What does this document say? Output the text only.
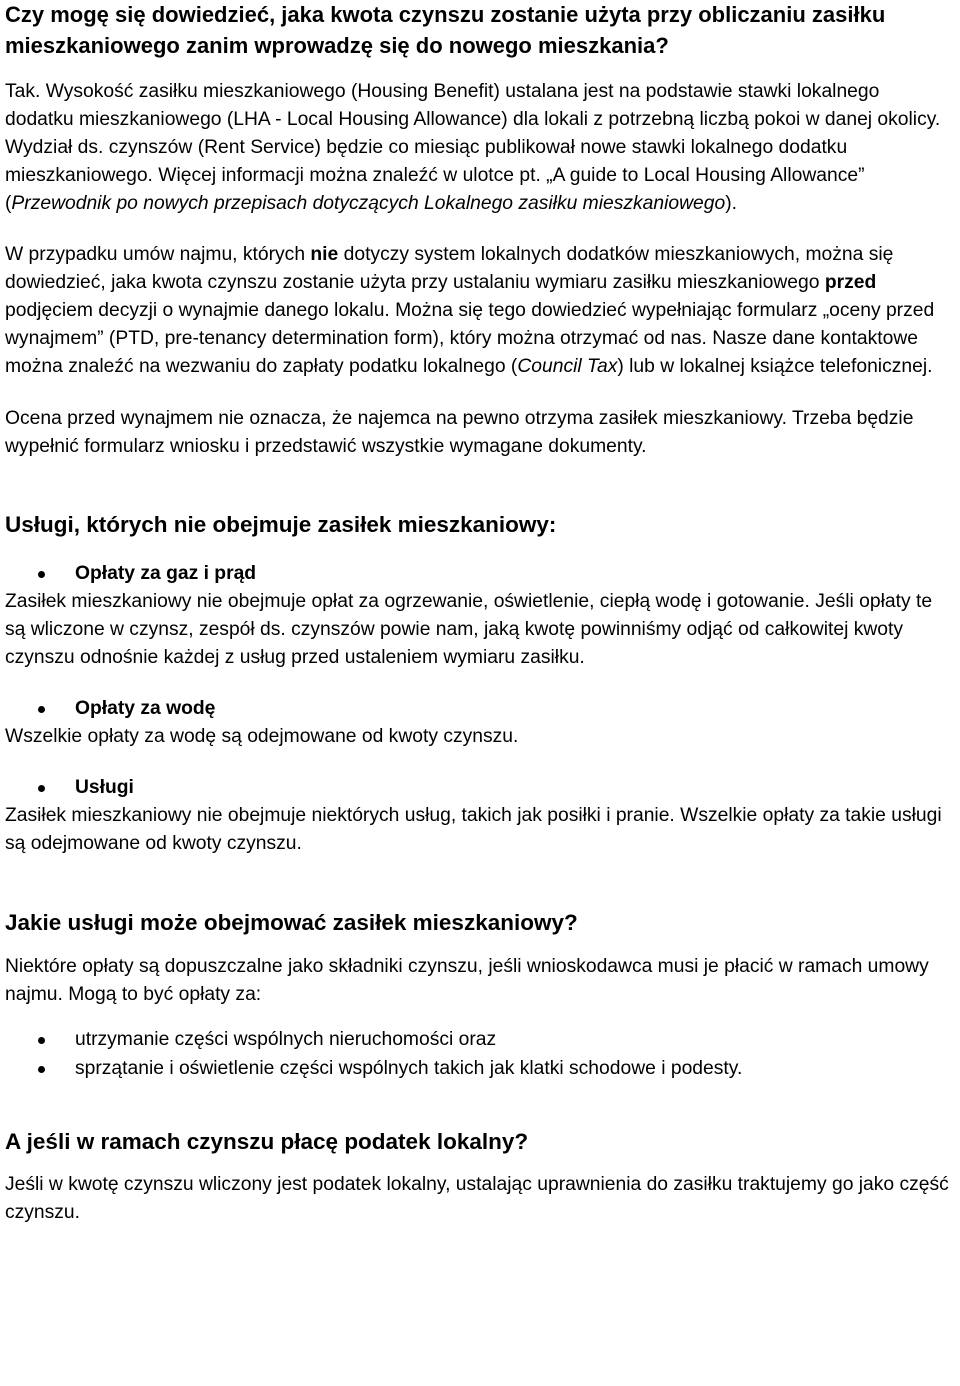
Czy mogę się dowiedzieć, jaka kwota czynszu zostanie użyta przy obliczaniu zasiłku mieszkaniowego zanim wprowadzę się do nowego mieszkania?

Tak. Wysokość zasiłku mieszkaniowego (Housing Benefit) ustalana jest na podstawie stawki lokalnego dodatku mieszkaniowego (LHA - Local Housing Allowance) dla lokali z potrzebną liczbą pokoi w danej okolicy. Wydział ds. czynszów (Rent Service) będzie co miesiąc publikował nowe stawki lokalnego dodatku mieszkaniowego. Więcej informacji można znaleźć w ulotce pt. „A guide to Local Housing Allowance” (Przewodnik po nowych przepisach dotyczących Lokalnego zasiłku mieszkaniowego).

W przypadku umów najmu, których nie dotyczy system lokalnych dodatków mieszkaniowych, można się dowiedzieć, jaka kwota czynszu zostanie użyta przy ustalaniu wymiaru zasiłku mieszkaniowego przed podjęciem decyzji o wynajmie danego lokalu. Można się tego dowiedzieć wypełniając formularz „oceny przed wynajmem” (PTD, pre-tenancy determination form), który można otrzymać od nas. Nasze dane kontaktowe można znaleźć na wezwaniu do zapłaty podatku lokalnego (Council Tax) lub w lokalnej książce telefonicznej.

Ocena przed wynajmem nie oznacza, że najemca na pewno otrzyma zasiłek mieszkaniowy. Trzeba będzie wypełnić formularz wniosku i przedstawić wszystkie wymagane dokumenty.

Usługi, których nie obejmuje zasiłek mieszkaniowy:
Opłaty za gaz i prąd

Zasiłek mieszkaniowy nie obejmuje opłat za ogrzewanie, oświetlenie, ciepłą wodę i gotowanie. Jeśli opłaty te są wliczone w czynsz, zespół ds. czynszów powie nam, jaką kwotę powinniśmy odjąć od całkowitej kwoty czynszu odnośnie każdej z usług przed ustaleniem wymiaru zasiłku.

Opłaty za wodę

Wszelkie opłaty za wodę są odejmowane od kwoty czynszu.

Usługi

Zasiłek mieszkaniowy nie obejmuje niektórych usług, takich jak posiłki i pranie. Wszelkie opłaty za takie usługi są odejmowane od kwoty czynszu.

Jakie usługi może obejmować zasiłek mieszkaniowy?

Niektóre opłaty są dopuszczalne jako składniki czynszu, jeśli wnioskodawca musi je płacić w ramach umowy najmu. Mogą to być opłaty za:

utrzymanie części wspólnych nieruchomości oraz
sprzątanie i oświetlenie części wspólnych takich jak klatki schodowe i podesty.
A jeśli w ramach czynszu płacę podatek lokalny?

Jeśli w kwotę czynszu wliczony jest podatek lokalny, ustalając uprawnienia do zasiłku traktujemy go jako część czynszu.
